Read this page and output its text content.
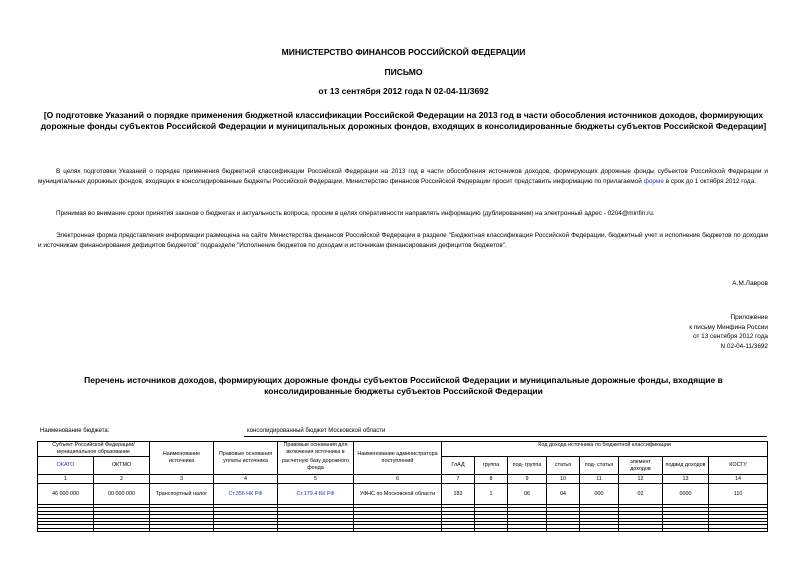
МИНИСТЕРСТВО ФИНАНСОВ РОССИЙСКОЙ ФЕДЕРАЦИИ
ПИСЬМО
от 13 сентября 2012 года N 02-04-11/3692
[О подготовке Указаний о порядке применения бюджетной классификации Российской Федерации на 2013 год в части обособления источников доходов, формирующих дорожные фонды субъектов Российской Федерации и муниципальных дорожных фондов, входящих в консолидированные бюджеты субъектов Российской Федерации]
В целях подготовки Указаний о порядке применения бюджетной классификации Российской Федерации на 2013 год в части обособления источников доходов, формирующих дорожные фонды субъектов Российской Федерации и муниципальных дорожных фондов, входящих в консолидированные бюджеты Российской Федерации, Министерство финансов Российской Федерации просит представить информацию по прилагаемой форме в срок до 1 октября 2012 года.
Принимая во внимание сроки принятия законов о бюджетах и актуальность вопроса, просим в целях оперативности направлять информацию (дублированием) на электронный адрес - 0204@minfin.ru.
Электронная форма представления информации размещена на сайте Министерства финансов Российской Федерации в разделе "Бюджетная классификация Российской Федерации, бюджетный учет и исполнение бюджетов по доходам и источникам финансирования дефицитов бюджетов" подразделе "Исполнение бюджетов по доходам и источникам финансирования дефицитов бюджетов".
А.М.Лавров
Приложение
к письму Минфина России
от 13 сентября 2012 года
N 02-04-11/3692
Перечень источников доходов, формирующих дорожные фонды субъектов Российской Федерации и муниципальные дорожные фонды, входящие в консолидированные бюджеты субъектов Российской Федерации
Наименование бюджета:	консолидированный бюджет Московской области
Субъект Российской Федерации/ муниципальное образование		Наименование источника	Правовые основания уплаты источника	Правовые основания для включения источника в	Наименование администратора поступлений	Код дохода источника по бюджетной классификации							

ОКАТО	ОКТМО			расчетную базу дорожного фонда		ГлАД	группа	под- группа	статья	под- статья	элемент доходов	подвид доходов	КОСГУ
1	2	3	4	5	6	7	8	9	10	11	12	13	14
46 000 000	00 000 000	Транспортный налог	Ст.356 НК РФ	Ст.179.4 БК РФ	УФНС по Московской области	182	1	06	04	000	02	0000	110
